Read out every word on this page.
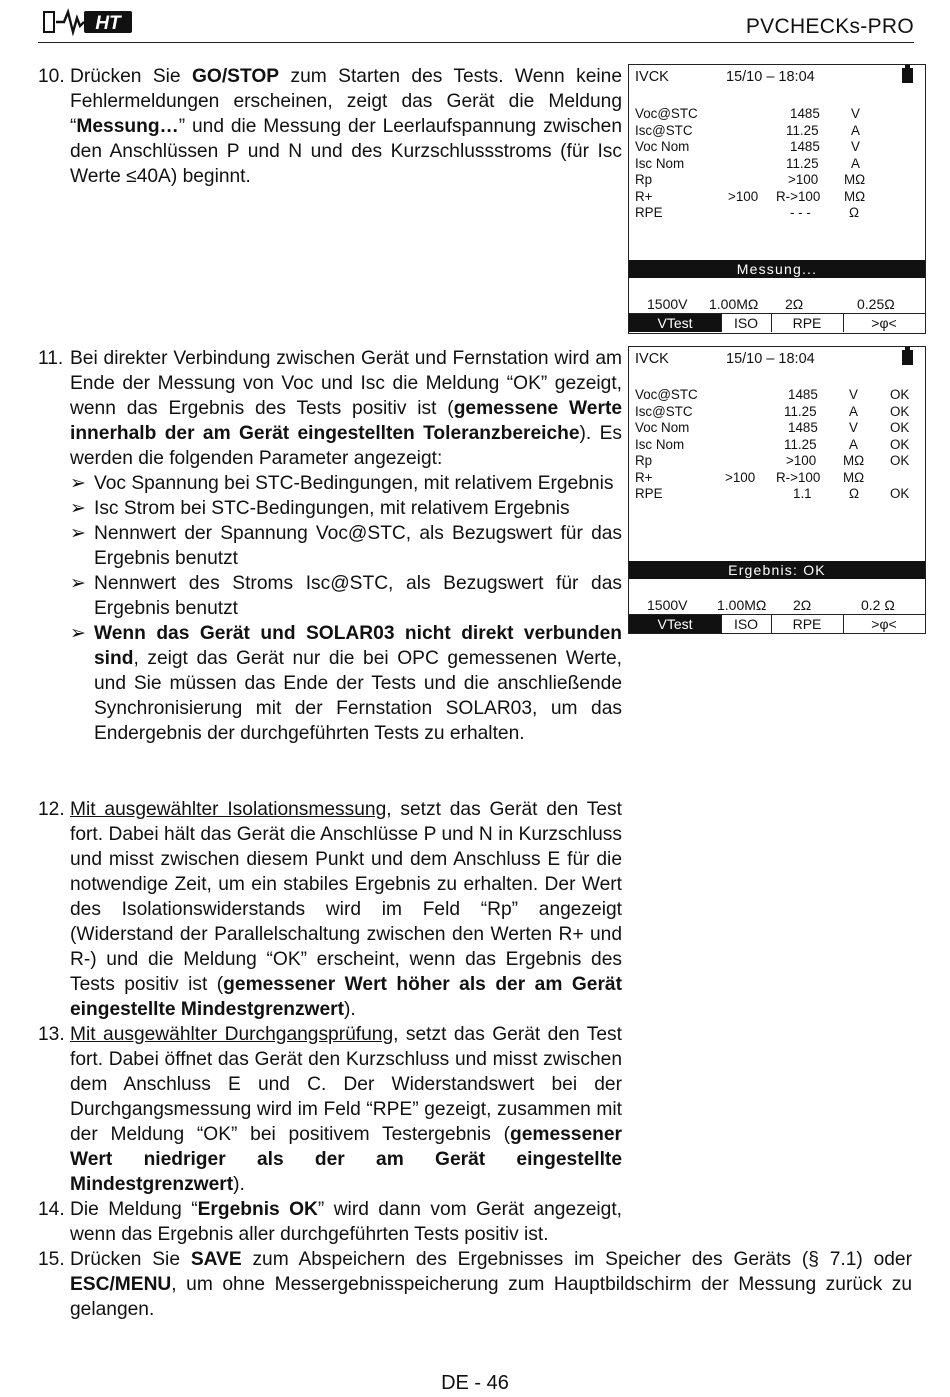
HT	PVCHECKs-PRO

10. Drücken Sie GO/STOP zum Starten des Tests. Wenn keine Fehlermeldungen erscheinen, zeigt das Gerät die Meldung “Messung…” und die Messung der Leerlaufspannung zwischen den Anschlüssen P und N und des Kurzschlussstroms (für Isc Werte ≤40A) beginnt.

IVCK	15/10 – 18:04
Voc@STC	1485 V
Isc@STC	11.25 A
Voc Nom	1485 V
Isc Nom	11.25 A
Rp	>100 MΩ
R+	>100 R->100 MΩ
RPE	- - -	Ω
Messung...
1500V 1.00MΩ 2Ω	0.25Ω
VTest	ISO	RPE	>φ<

11. Bei direkter Verbindung zwischen Gerät und Fernstation wird am Ende der Messung von Voc und Isc die Meldung “OK” gezeigt, wenn das Ergebnis des Tests positiv ist (gemessene Werte innerhalb der am Gerät eingestellten Toleranzbereiche). Es werden die folgenden Parameter angezeigt:

➢ Voc Spannung bei STC-Bedingungen, mit relativem Ergebnis

➢ Isc Strom bei STC-Bedingungen, mit relativem Ergebnis

➢ Nennwert der Spannung Voc@STC, als Bezugswert für das Ergebnis benutzt

➢ Nennwert des Stroms Isc@STC, als Bezugswert für das Ergebnis benutzt

➢ Wenn das Gerät und SOLAR03 nicht direkt verbunden sind, zeigt das Gerät nur die bei OPC gemessenen Werte, und Sie müssen das Ende der Tests und die anschließende Synchronisierung mit der Fernstation SOLAR03, um das Endergebnis der durchgeführten Tests zu erhalten.

IVCK	15/10 – 18:04
Voc@STC	1485 V OK
Isc@STC	11.25 A OK
Voc Nom	1485 V OK
Isc Nom	11.25 A OK
Rp	>100 MΩ OK
R+	>100 R->100 MΩ
RPE	1.1	Ω OK
Ergebnis: OK
1500V 1.00MΩ 2Ω	0.2 Ω
VTest	ISO	RPE	>φ<

12. Mit ausgewählter Isolationsmessung, setzt das Gerät den Test fort. Dabei hält das Gerät die Anschlüsse P und N in Kurzschluss und misst zwischen diesem Punkt und dem Anschluss E für die notwendige Zeit, um ein stabiles Ergebnis zu erhalten. Der Wert des Isolationswiderstands wird im Feld “Rp” angezeigt (Widerstand der Parallelschaltung zwischen den Werten R+ und R-) und die Meldung “OK” erscheint, wenn das Ergebnis des Tests positiv ist (gemessener Wert höher als der am Gerät eingestellte Mindestgrenzwert).

13. Mit ausgewählter Durchgangsprüfung, setzt das Gerät den Test fort. Dabei öffnet das Gerät den Kurzschluss und misst zwischen dem Anschluss E und C. Der Widerstandswert bei der Durchgangsmessung wird im Feld “RPE” gezeigt, zusammen mit der Meldung “OK” bei positivem Testergebnis (gemessener Wert niedriger als der am Gerät eingestellte Mindestgrenzwert).

14. Die Meldung “Ergebnis OK” wird dann vom Gerät angezeigt, wenn das Ergebnis aller durchgeführten Tests positiv ist.

15. Drücken Sie SAVE zum Abspeichern des Ergebnisses im Speicher des Geräts (§ 7.1) oder ESC/MENU, um ohne Messergebnisspeicherung zum Hauptbildschirm der Messung zurück zu gelangen.

DE - 46
